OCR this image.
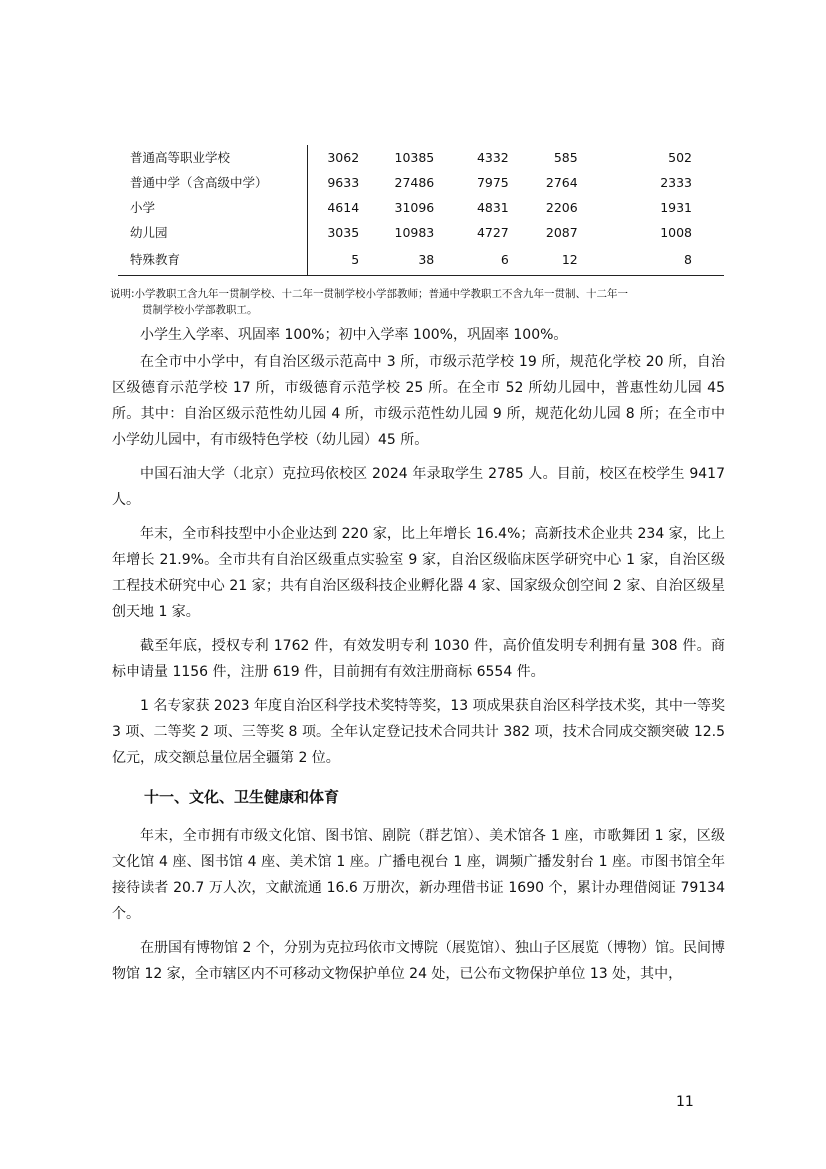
普通高等职业学校	3062	10385	4332	585	502
普通中学（含高级中学）	9633	27486	7975	2764	2333
小学	4614	31096	4831	2206	1931
幼儿园	3035	10983	4727	2087	1008
特殊教育	5	38	6	12	8
说明:小学教职工含九年一贯制学校、十二年一贯制学校小学部教师；普通中学教职工不含九年一贯制、十二年一
贯制学校小学部教职工。

小学生入学率、巩固率 100%；初中入学率 100%，巩固率 100%。

在全市中小学中，有自治区级示范高中 3 所，市级示范学校 19 所，规范化学校 20 所，自治区级德育示范学校 17 所，市级德育示范学校 25 所。在全市 52 所幼儿园中，普惠性幼儿园 45 所。其中：自治区级示范性幼儿园 4 所，市级示范性幼儿园 9 所，规范化幼儿园 8 所；在全市中小学幼儿园中，有市级特色学校（幼儿园）45 所。

中国石油大学（北京）克拉玛依校区 2024 年录取学生 2785 人。目前，校区在校学生 9417 人。

年末，全市科技型中小企业达到 220 家，比上年增长 16.4%；高新技术企业共 234 家，比上年增长 21.9%。全市共有自治区级重点实验室 9 家，自治区级临床医学研究中心 1 家，自治区级工程技术研究中心 21 家；共有自治区级科技企业孵化器 4 家、国家级众创空间 2 家、自治区级星创天地 1 家。

截至年底，授权专利 1762 件，有效发明专利 1030 件，高价值发明专利拥有量 308 件。商标申请量 1156 件，注册 619 件，目前拥有有效注册商标 6554 件。

1 名专家获 2023 年度自治区科学技术奖特等奖，13 项成果获自治区科学技术奖，其中一等奖 3 项、二等奖 2 项、三等奖 8 项。全年认定登记技术合同共计 382 项，技术合同成交额突破 12.5 亿元，成交额总量位居全疆第 2 位。

十一、文化、卫生健康和体育

年末，全市拥有市级文化馆、图书馆、剧院（群艺馆）、美术馆各 1 座，市歌舞团 1 家，区级文化馆 4 座、图书馆 4 座、美术馆 1 座。广播电视台 1 座，调频广播发射台 1 座。市图书馆全年接待读者 20.7 万人次，文献流通 16.6 万册次，新办理借书证 1690 个，累计办理借阅证 79134 个。

在册国有博物馆 2 个，分别为克拉玛依市文博院（展览馆）、独山子区展览（博物）馆。民间博物馆 12 家，全市辖区内不可移动文物保护单位 24 处，已公布文物保护单位 13 处，其中，

11
